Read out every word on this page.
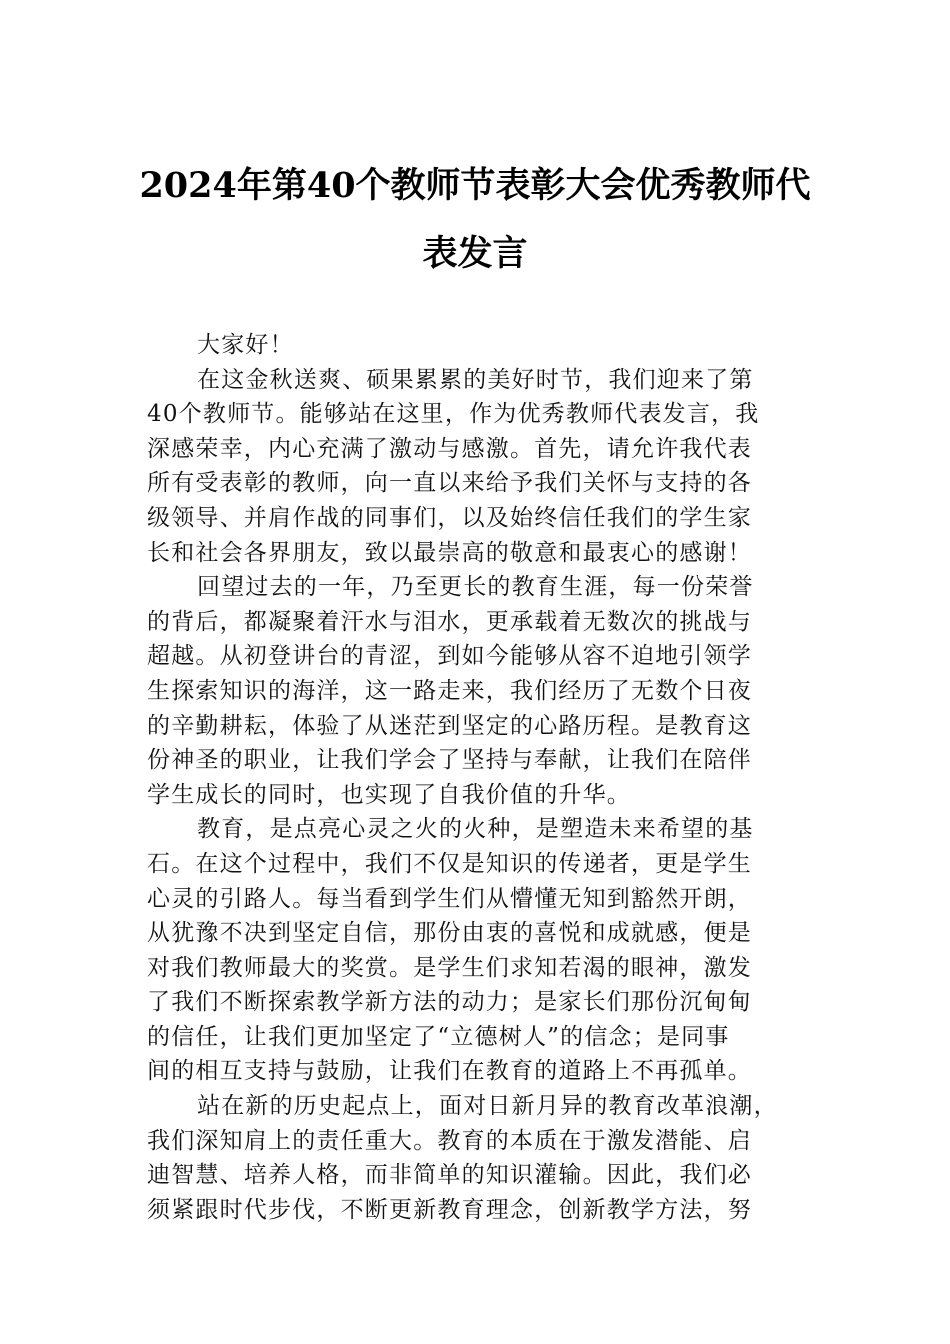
2024年第40个教师节表彰大会优秀教师代
表发言
大家好！
在这金秋送爽、硕果累累的美好时节，我们迎来了第
40个教师节。能够站在这里，作为优秀教师代表发言，我
深感荣幸，内心充满了激动与感激。首先，请允许我代表
所有受表彰的教师，向一直以来给予我们关怀与支持的各
级领导、并肩作战的同事们，以及始终信任我们的学生家
长和社会各界朋友，致以最崇高的敬意和最衷心的感谢！
回望过去的一年，乃至更长的教育生涯，每一份荣誉
的背后，都凝聚着汗水与泪水，更承载着无数次的挑战与
超越。从初登讲台的青涩，到如今能够从容不迫地引领学
生探索知识的海洋，这一路走来，我们经历了无数个日夜
的辛勤耕耘，体验了从迷茫到坚定的心路历程。是教育这
份神圣的职业，让我们学会了坚持与奉献，让我们在陪伴
学生成长的同时，也实现了自我价值的升华。
教育，是点亮心灵之火的火种，是塑造未来希望的基
石。在这个过程中，我们不仅是知识的传递者，更是学生
心灵的引路人。每当看到学生们从懵懂无知到豁然开朗，
从犹豫不决到坚定自信，那份由衷的喜悦和成就感，便是
对我们教师最大的奖赏。是学生们求知若渴的眼神，激发
了我们不断探索教学新方法的动力；是家长们那份沉甸甸
的信任，让我们更加坚定了“立德树人”的信念；是同事
间的相互支持与鼓励，让我们在教育的道路上不再孤单。
站在新的历史起点上，面对日新月异的教育改革浪潮，
我们深知肩上的责任重大。教育的本质在于激发潜能、启
迪智慧、培养人格，而非简单的知识灌输。因此，我们必
须紧跟时代步伐，不断更新教育理念，创新教学方法，努
